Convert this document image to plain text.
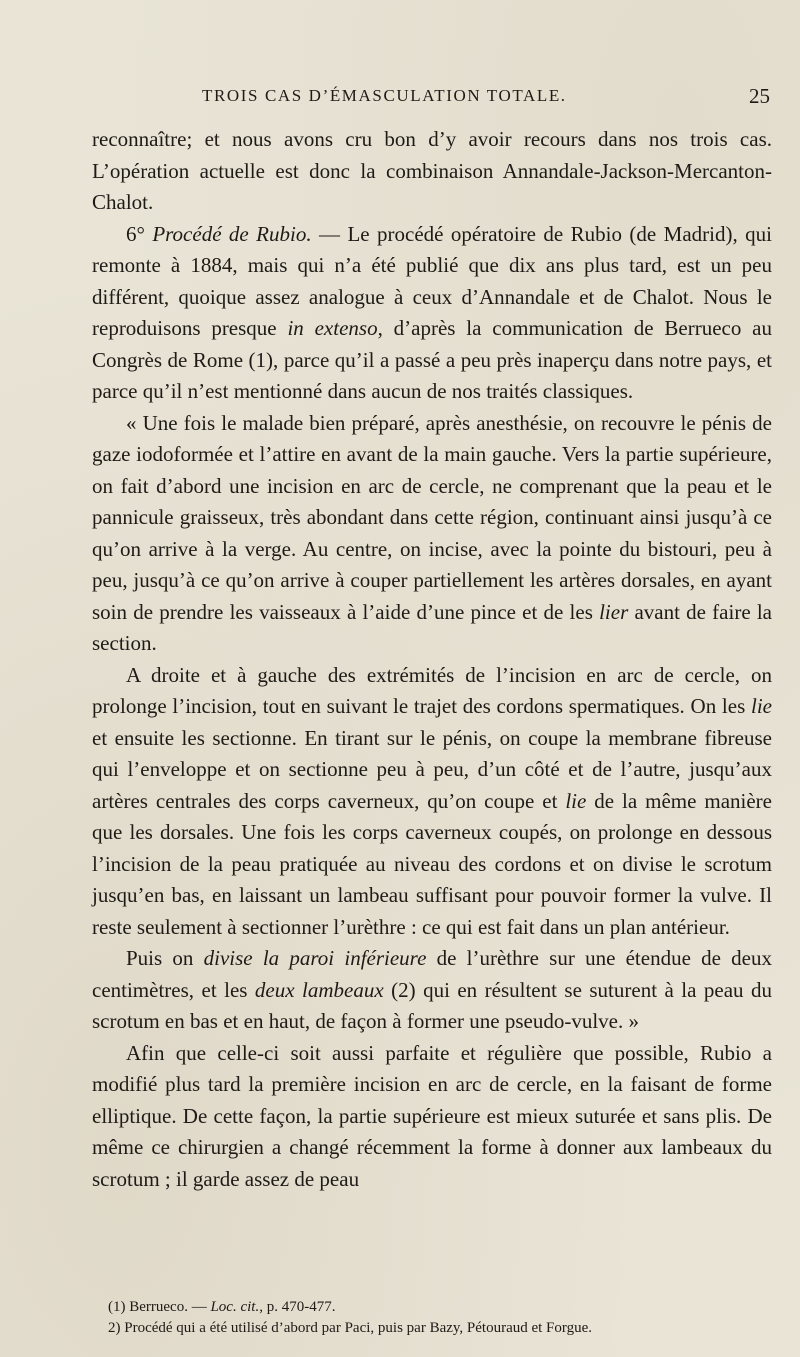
TROIS CAS D’ÉMASCULATION TOTALE.	25

reconnaître; et nous avons cru bon d’y avoir recours dans nos trois cas. L’opération actuelle est donc la combinaison Annandale-Jackson-Mercanton-Chalot.

6° Procédé de Rubio. — Le procédé opératoire de Rubio (de Madrid), qui remonte à 1884, mais qui n’a été publié que dix ans plus tard, est un peu différent, quoique assez analogue à ceux d’Annandale et de Chalot. Nous le reproduisons presque in extenso, d’après la communication de Berrueco au Congrès de Rome (1), parce qu’il a passé a peu près inaperçu dans notre pays, et parce qu’il n’est mentionné dans aucun de nos traités classiques.

« Une fois le malade bien préparé, après anesthésie, on recouvre le pénis de gaze iodoformée et l’attire en avant de la main gauche. Vers la partie supérieure, on fait d’abord une incision en arc de cercle, ne comprenant que la peau et le pannicule graisseux, très abondant dans cette région, continuant ainsi jusqu’à ce qu’on arrive à la verge. Au centre, on incise, avec la pointe du bistouri, peu à peu, jusqu’à ce qu’on arrive à couper partiellement les artères dorsales, en ayant soin de prendre les vaisseaux à l’aide d’une pince et de les lier avant de faire la section.

A droite et à gauche des extrémités de l’incision en arc de cercle, on prolonge l’incision, tout en suivant le trajet des cordons spermatiques. On les lie et ensuite les sectionne. En tirant sur le pénis, on coupe la membrane fibreuse qui l’enveloppe et on sectionne peu à peu, d’un côté et de l’autre, jusqu’aux artères centrales des corps caverneux, qu’on coupe et lie de la même manière que les dorsales. Une fois les corps caverneux coupés, on prolonge en dessous l’incision de la peau pratiquée au niveau des cordons et on divise le scrotum jusqu’en bas, en laissant un lambeau suffisant pour pouvoir former la vulve. Il reste seulement à sectionner l’urèthre : ce qui est fait dans un plan antérieur.

Puis on divise la paroi inférieure de l’urèthre sur une étendue de deux centimètres, et les deux lambeaux (2) qui en résultent se suturent à la peau du scrotum en bas et en haut, de façon à former une pseudo-vulve. »

Afin que celle-ci soit aussi parfaite et régulière que possible, Rubio a modifié plus tard la première incision en arc de cercle, en la faisant de forme elliptique. De cette façon, la partie supérieure est mieux suturée et sans plis. De même ce chirurgien a changé récemment la forme à donner aux lambeaux du scrotum ; il garde assez de peau

(1) Berrueco. — Loc. cit., p. 470-477.

2) Procédé qui a été utilisé d’abord par Paci, puis par Bazy, Pétouraud et Forgue.
